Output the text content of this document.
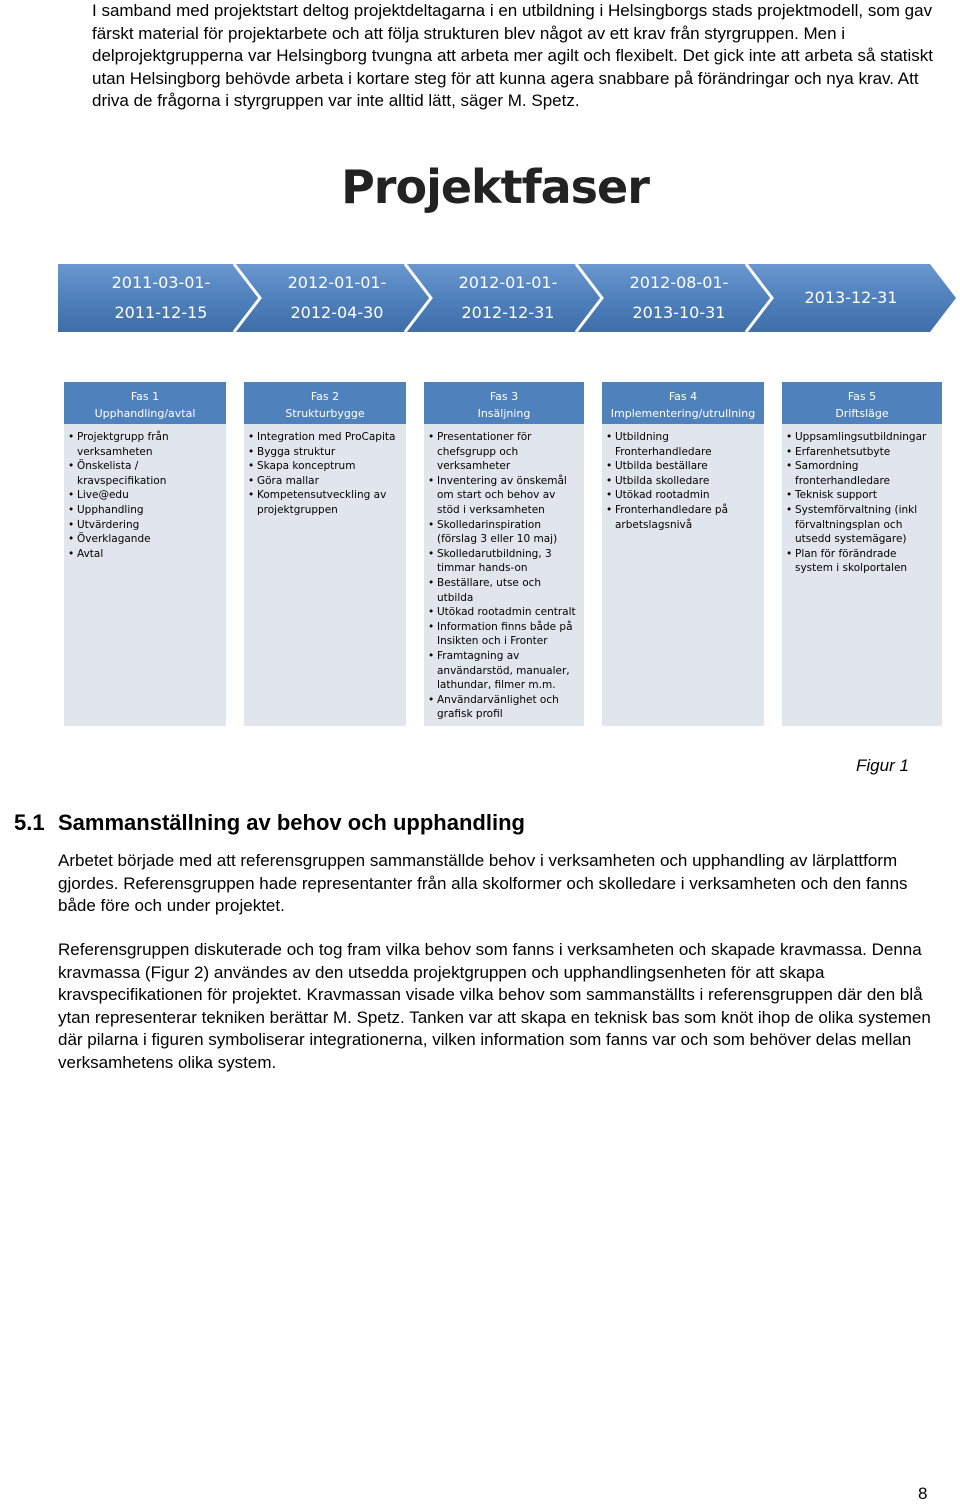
I samband med projektstart deltog projektdeltagarna i en utbildning i Helsingborgs stads projektmodell, som gav färskt material för projektarbete och att följa strukturen blev något av ett krav från styrgruppen. Men i delprojektgrupperna var Helsingborg tvungna att arbeta mer agilt och flexibelt. Det gick inte att arbeta så statiskt utan Helsingborg behövde arbeta i kortare steg för att kunna agera snabbare på förändringar och nya krav. Att driva de frågorna i styrgruppen var inte alltid lätt, säger M. Spetz.

Projektfaser
2011-03-01-
2011-12-15
2012-01-01-
2012-04-30
2012-01-01-
2012-12-31
2012-08-01-
2013-10-31
2013-12-31
Fas 1
Upphandling/avtal
• Projektgrupp från verksamheten
• Önskelista / kravspecifikation
• Live@edu
• Upphandling
• Utvärdering
• Överklagande
• Avtal
Fas 2
Strukturbygge
• Integration med ProCapita
• Bygga struktur
• Skapa konceptrum
• Göra mallar
• Kompetensutveckling av projektgruppen
Fas 3
Insäljning
• Presentationer för chefsgrupp och verksamheter
• Inventering av önskemål om start och behov av stöd i verksamheten
• Skolledarinspiration (förslag 3 eller 10 maj)
• Skolledarutbildning, 3 timmar hands-on
• Beställare, utse och utbilda
• Utökad rootadmin centralt
• Information finns både på Insikten och i Fronter
• Framtagning av användarstöd, manualer, lathundar, filmer m.m.
• Användarvänlighet och grafisk profil
Fas 4
Implementering/utrullning
• Utbildning Fronterhandledare
• Utbilda beställare
• Utbilda skolledare
• Utökad rootadmin
• Fronterhandledare på arbetslagsnivå
Fas 5
Driftsläge
• Uppsamlingsutbildningar
• Erfarenhetsutbyte
• Samordning fronterhandledare
• Teknisk support
• Systemförvaltning (inkl förvaltningsplan och utsedd systemägare)
• Plan för förändrade system i skolportalen
Figur 1
5.1 Sammanställning av behov och upphandling

Arbetet började med att referensgruppen sammanställde behov i verksamheten och upphandling av lärplattform gjordes. Referensgruppen hade representanter från alla skolformer och skolledare i verksamheten och den fanns både före och under projektet.

Referensgruppen diskuterade och tog fram vilka behov som fanns i verksamheten och skapade kravmassa. Denna kravmassa (Figur 2) användes av den utsedda projektgruppen och upphandlingsenheten för att skapa kravspecifikationen för projektet. Kravmassan visade vilka behov som sammanställts i referensgruppen där den blå ytan representerar tekniken berättar M. Spetz. Tanken var att skapa en teknisk bas som knöt ihop de olika systemen där pilarna i figuren symboliserar integrationerna, vilken information som fanns var och som behöver delas mellan verksamhetens olika system.

8
